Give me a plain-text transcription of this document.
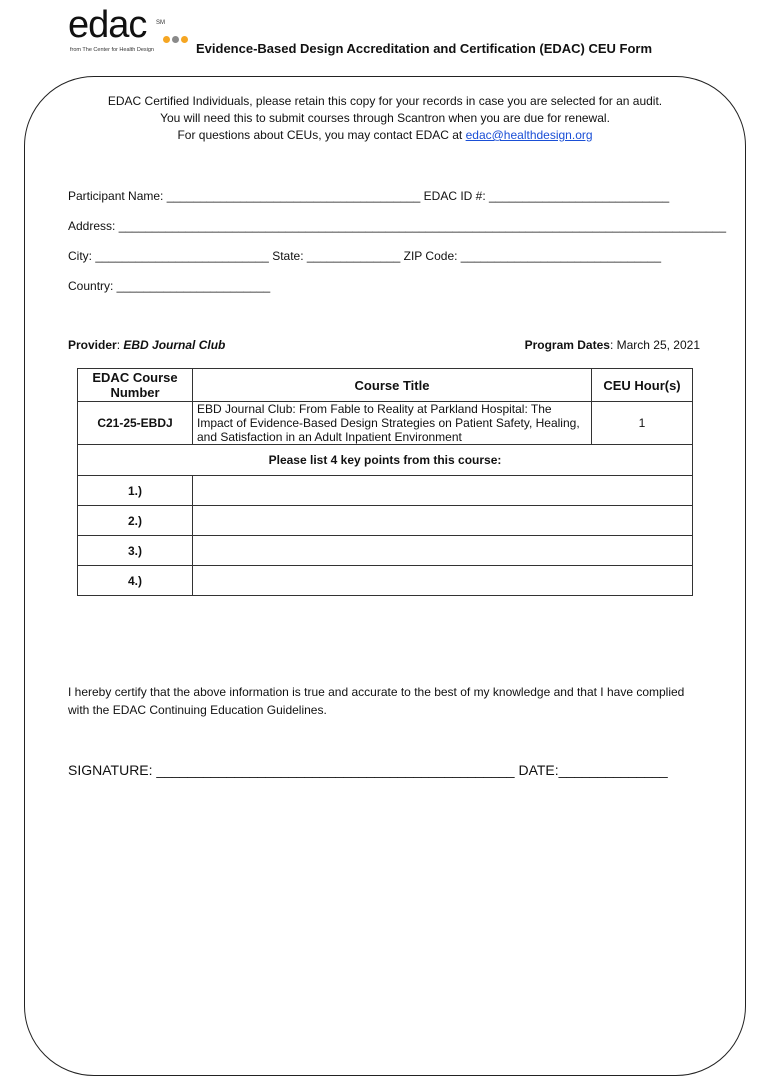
edac SM
from The Center for Health Design	Evidence-Based Design Accreditation and Certification (EDAC) CEU Form
EDAC Certified Individuals, please retain this copy for your records in case you are selected for an audit.
You will need this to submit courses through Scantron when you are due for renewal.
For questions about CEUs, you may contact EDAC at edac@healthdesign.org
Participant Name: ______________________________________ EDAC ID #: ___________________________
Address: ___________________________________________________________________________________________
City: __________________________ State: ______________ ZIP Code: ______________________________
Country: _______________________
Provider: EBD Journal Club	Program Dates: March 25, 2021
EDAC Course Number	Course Title	CEU Hour(s)
C21-25-EBDJ	EBD Journal Club: From Fable to Reality at Parkland Hospital: The Impact of Evidence-Based Design Strategies on Patient Safety, Healing, and Satisfaction in an Adult Inpatient Environment	1
Please list 4 key points from this course:		
1.)		
2.)		
3.)		
4.)		
I hereby certify that the above information is true and accurate to the best of my knowledge and that I have complied with the EDAC Continuing Education Guidelines.
SIGNATURE: ______________________________________________ DATE:______________
